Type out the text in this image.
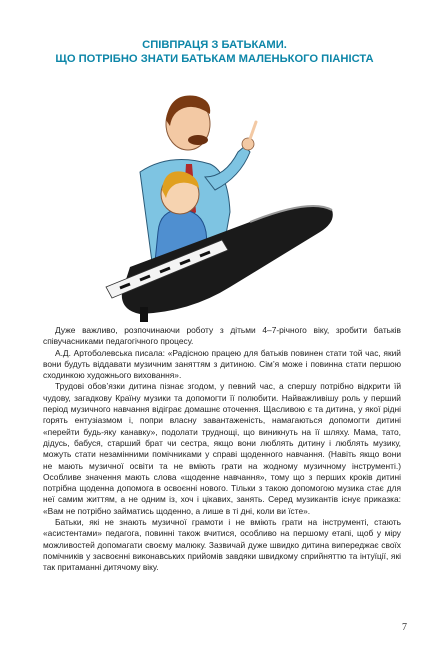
СПІВПРАЦЯ З БАТЬКАМИ.
ЩО ПОТРІБНО ЗНАТИ БАТЬКАМ МАЛЕНЬКОГО ПІАНІСТА

Дуже важливо, розпочинаючи роботу з дітьми 4–7-річного віку, зробити батьків співучасниками педагогічного процесу.

А.Д. Артоболевська писала: «Радісною працею для батьків повинен стати той час, який вони будуть віддавати музичним заняттям з дитиною. Сім’я може і повинна стати першою сходинкою художнього виховання».

Трудові обов’язки дитина пізнає згодом, у певний час, а спершу потрібно відкрити їй чудову, загадкову Країну музики та допомогти її полюбити. Найважливішу роль у перший період музичного навчання відіграє домашнє оточення. Щасливою є та дитина, у якої рідні горять ентузіазмом і, попри власну завантаженість, намагаються допомогти дитині «перейти будь-яку канавку», подолати труднощі, що виникнуть на її шляху. Мама, тато, дідусь, бабуся, старший брат чи сестра, якщо вони люблять дитину і люблять музику, можуть стати незамінними помічниками у справі щоденного навчання. (Навіть якщо вони не мають музичної освіти та не вміють грати на жодному музичному інструменті.) Особливе значення мають слова «щоденне навчання», тому що з перших кроків дитині потрібна щоденна допомога в освоєнні нового. Тільки з такою допомогою музика стає для неї самим життям, а не одним із, хоч і цікавих, занять. Серед музикантів існує приказка: «Вам не потрібно займатись щоденно, а лише в ті дні, коли ви їсте».

Батьки, які не знають музичної грамоти і не вміють грати на інструменті, стають «асистентами» педагога, повинні також вчитися, особливо на першому етапі, щоб у міру можливостей допомагати своєму малюку. Зазвичай дуже швидко дитина випереджає своїх помічників у засвоєнні виконавських прийомів завдяки швидкому сприйняттю та інтуїції, які так притаманні дитячому віку.

7
